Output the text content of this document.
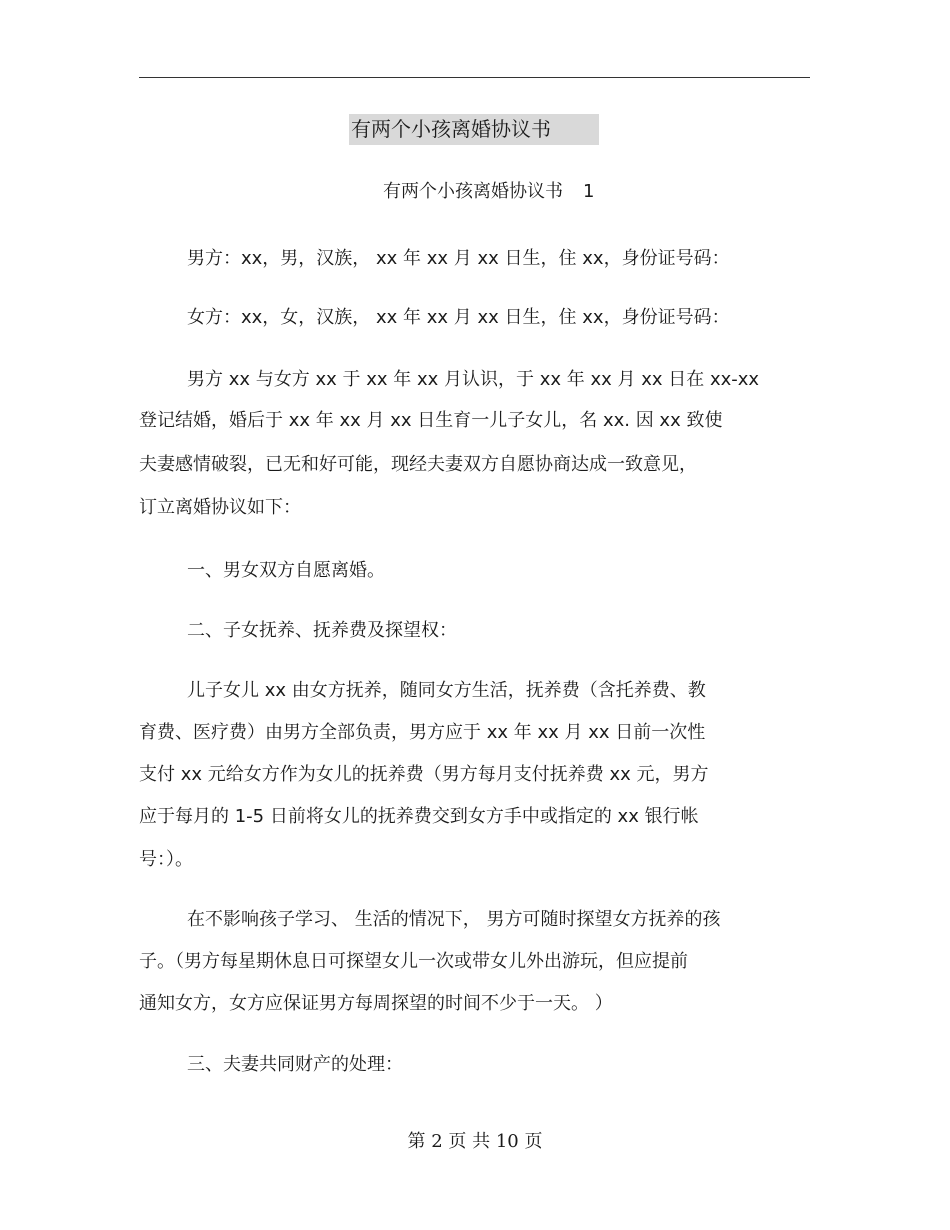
有两个小孩离婚协议书
有两个小孩离婚协议书 1
男方：xx，男，汉族， xx 年 xx 月 xx 日生，住 xx，身份证号码：
女方：xx，女，汉族， xx 年 xx 月 xx 日生，住 xx，身份证号码：
男方 xx 与女方 xx 于 xx 年 xx 月认识，于 xx 年 xx 月 xx 日在 xx-xx
登记结婚，婚后于 xx 年 xx 月 xx 日生育一儿子女儿，名 xx. 因 xx 致使
夫妻感情破裂，已无和好可能，现经夫妻双方自愿协商达成一致意见，
订立离婚协议如下：
一、男女双方自愿离婚。
二、子女抚养、抚养费及探望权：
儿子女儿 xx 由女方抚养，随同女方生活，抚养费（含托养费、教
育费、医疗费）由男方全部负责，男方应于 xx 年 xx 月 xx 日前一次性
支付 xx 元给女方作为女儿的抚养费（男方每月支付抚养费 xx 元，男方
应于每月的 1-5 日前将女儿的抚养费交到女方手中或指定的 xx 银行帐
号：）。
在不影响孩子学习、 生活的情况下， 男方可随时探望女方抚养的孩
子。（男方每星期休息日可探望女儿一次或带女儿外出游玩，但应提前
通知女方，女方应保证男方每周探望的时间不少于一天。 ）
三、夫妻共同财产的处理：
第 2 页 共 10 页
